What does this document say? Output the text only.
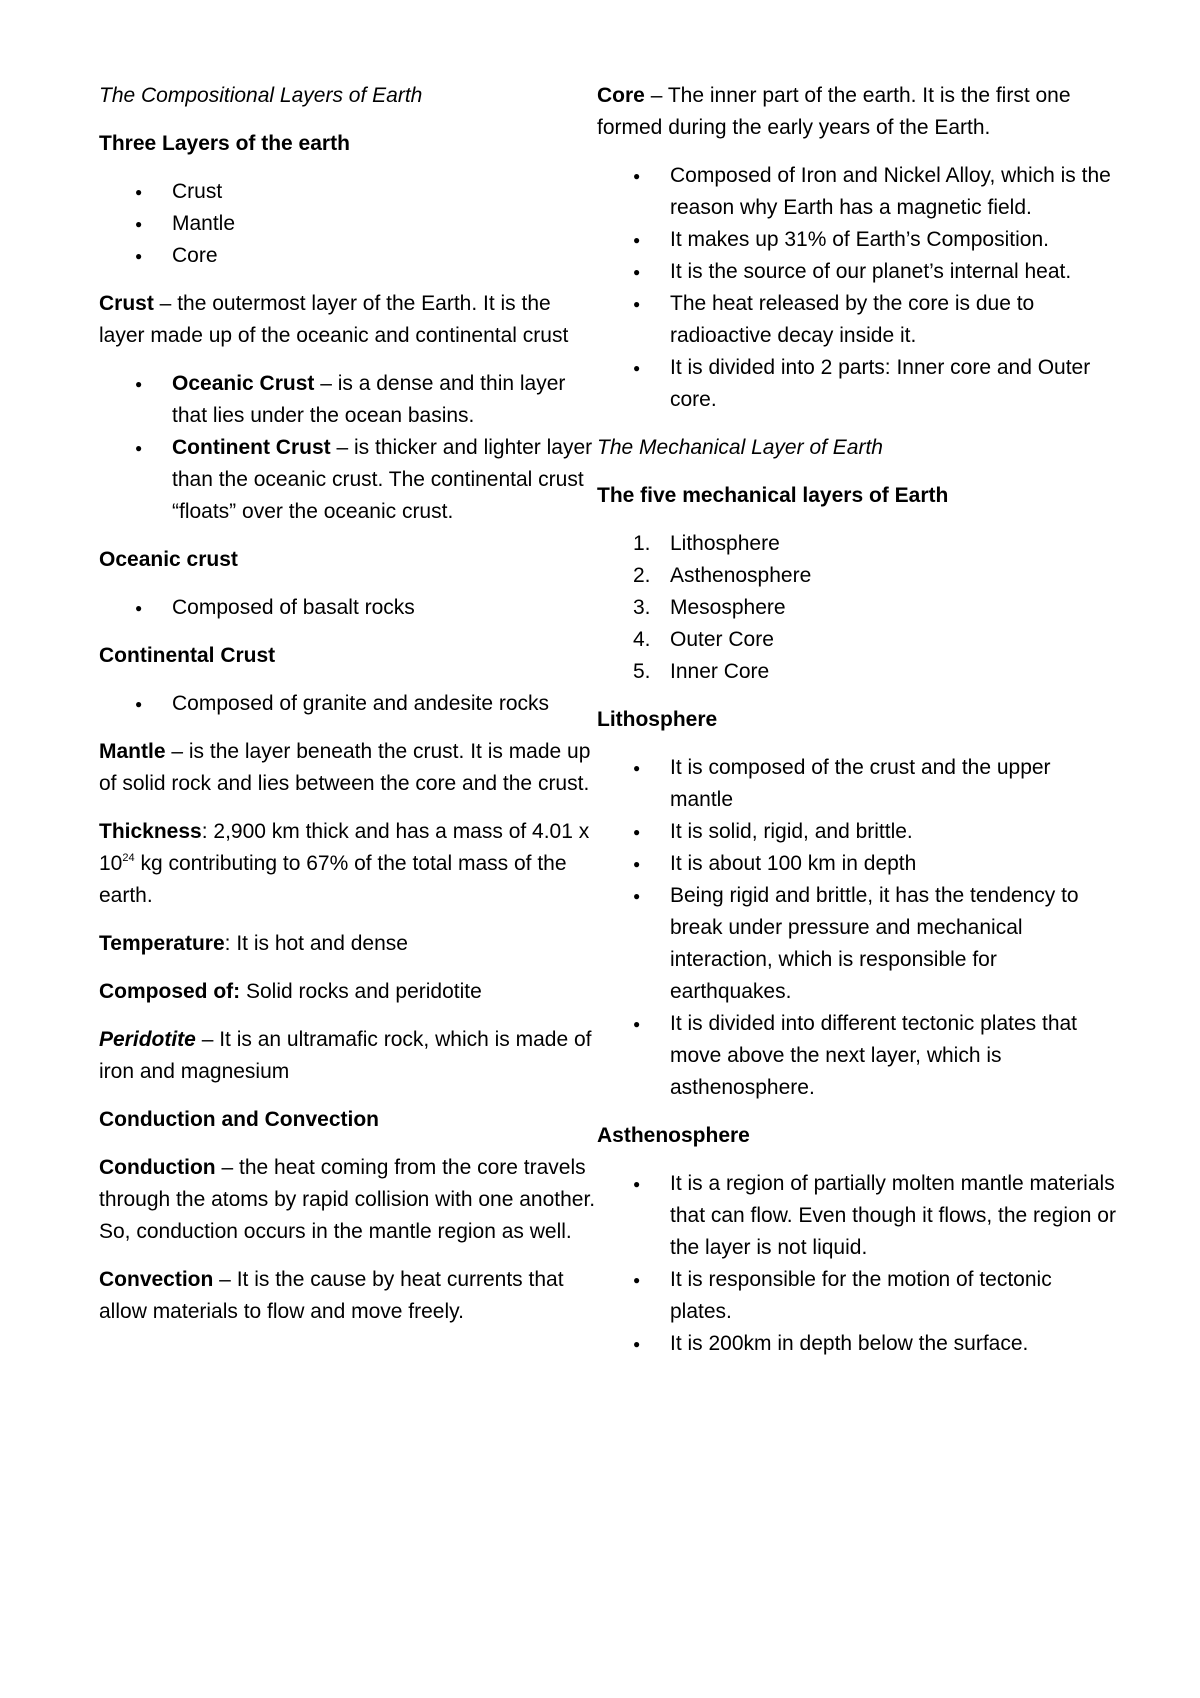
The Compositional Layers of Earth

Three Layers of the earth

● Crust
● Mantle
● Core

Crust – the outermost layer of the Earth. It is the layer made up of the oceanic and continental crust

● Oceanic Crust – is a dense and thin layer that lies under the ocean basins.
● Continent Crust – is thicker and lighter layer than the oceanic crust. The continental crust “floats” over the oceanic crust.

Oceanic crust

● Composed of basalt rocks

Continental Crust

● Composed of granite and andesite rocks

Mantle – is the layer beneath the crust. It is made up of solid rock and lies between the core and the crust.

Thickness: 2,900 km thick and has a mass of 4.01 x $10^{24}$ kg contributing to 67% of the total mass of the earth.

Temperature: It is hot and dense

Composed of: Solid rocks and peridotite

Peridotite – It is an ultramafic rock, which is made of iron and magnesium

Conduction and Convection

Conduction – the heat coming from the core travels through the atoms by rapid collision with one another. So, conduction occurs in the mantle region as well.

Convection – It is the cause by heat currents that allow materials to flow and move freely.

Core – The inner part of the earth. It is the first one formed during the early years of the Earth.

● Composed of Iron and Nickel Alloy, which is the reason why Earth has a magnetic field.
● It makes up 31% of Earth’s Composition.
● It is the source of our planet’s internal heat.
● The heat released by the core is due to radioactive decay inside it.
● It is divided into 2 parts: Inner core and Outer core.

The Mechanical Layer of Earth

The five mechanical layers of Earth

1. Lithosphere
2. Asthenosphere
3. Mesosphere
4. Outer Core
5. Inner Core

Lithosphere

● It is composed of the crust and the upper mantle
● It is solid, rigid, and brittle.
● It is about 100 km in depth
● Being rigid and brittle, it has the tendency to break under pressure and mechanical interaction, which is responsible for earthquakes.
● It is divided into different tectonic plates that move above the next layer, which is asthenosphere.

Asthenosphere

● It is a region of partially molten mantle materials that can flow. Even though it flows, the region or the layer is not liquid.
● It is responsible for the motion of tectonic plates.
● It is 200km in depth below the surface.
